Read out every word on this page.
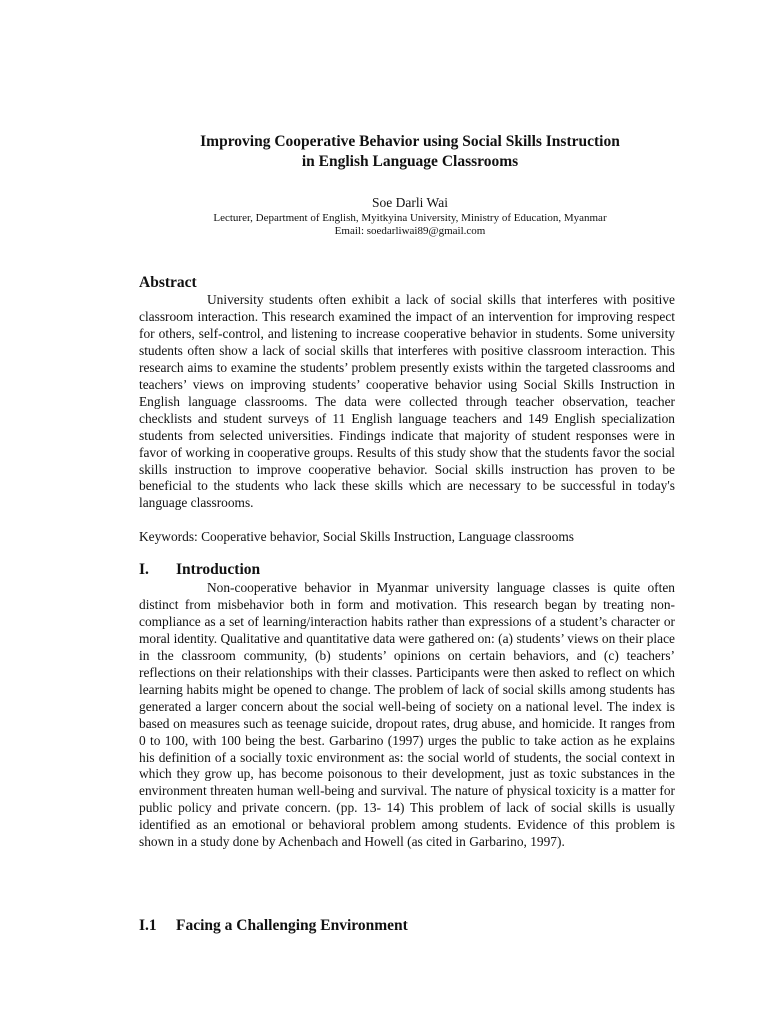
Improving Cooperative Behavior using Social Skills Instruction
in English Language Classrooms
Soe Darli Wai
Lecturer, Department of English, Myitkyina University, Ministry of Education, Myanmar
Email: soedarliwai89@gmail.com
Abstract
University students often exhibit a lack of social skills that interferes with positive classroom interaction. This research examined the impact of an intervention for improving respect for others, self-control, and listening to increase cooperative behavior in students. Some university students often show a lack of social skills that interferes with positive classroom interaction. This research aims to examine the students’ problem presently exists within the targeted classrooms and teachers’ views on improving students’ cooperative behavior using Social Skills Instruction in English language classrooms. The data were collected through teacher observation, teacher checklists and student surveys of 11 English language teachers and 149 English specialization students from selected universities. Findings indicate that majority of student responses were in favor of working in cooperative groups. Results of this study show that the students favor the social skills instruction to improve cooperative behavior. Social skills instruction has proven to be beneficial to the students who lack these skills which are necessary to be successful in today's language classrooms.
Keywords: Cooperative behavior, Social Skills Instruction, Language classrooms
I. Introduction
Non-cooperative behavior in Myanmar university language classes is quite often distinct from misbehavior both in form and motivation. This research began by treating non-compliance as a set of learning/interaction habits rather than expressions of a student’s character or moral identity. Qualitative and quantitative data were gathered on: (a) students’ views on their place in the classroom community, (b) students’ opinions on certain behaviors, and (c) teachers’ reflections on their relationships with their classes. Participants were then asked to reflect on which learning habits might be opened to change. The problem of lack of social skills among students has generated a larger concern about the social well-being of society on a national level. The index is based on measures such as teenage suicide, dropout rates, drug abuse, and homicide. It ranges from 0 to 100, with 100 being the best. Garbarino (1997) urges the public to take action as he explains his definition of a socially toxic environment as: the social world of students, the social context in which they grow up, has become poisonous to their development, just as toxic substances in the environment threaten human well-being and survival. The nature of physical toxicity is a matter for public policy and private concern. (pp. 13- 14) This problem of lack of social skills is usually identified as an emotional or behavioral problem among students. Evidence of this problem is shown in a study done by Achenbach and Howell (as cited in Garbarino, 1997).
I.1 Facing a Challenging Environment
